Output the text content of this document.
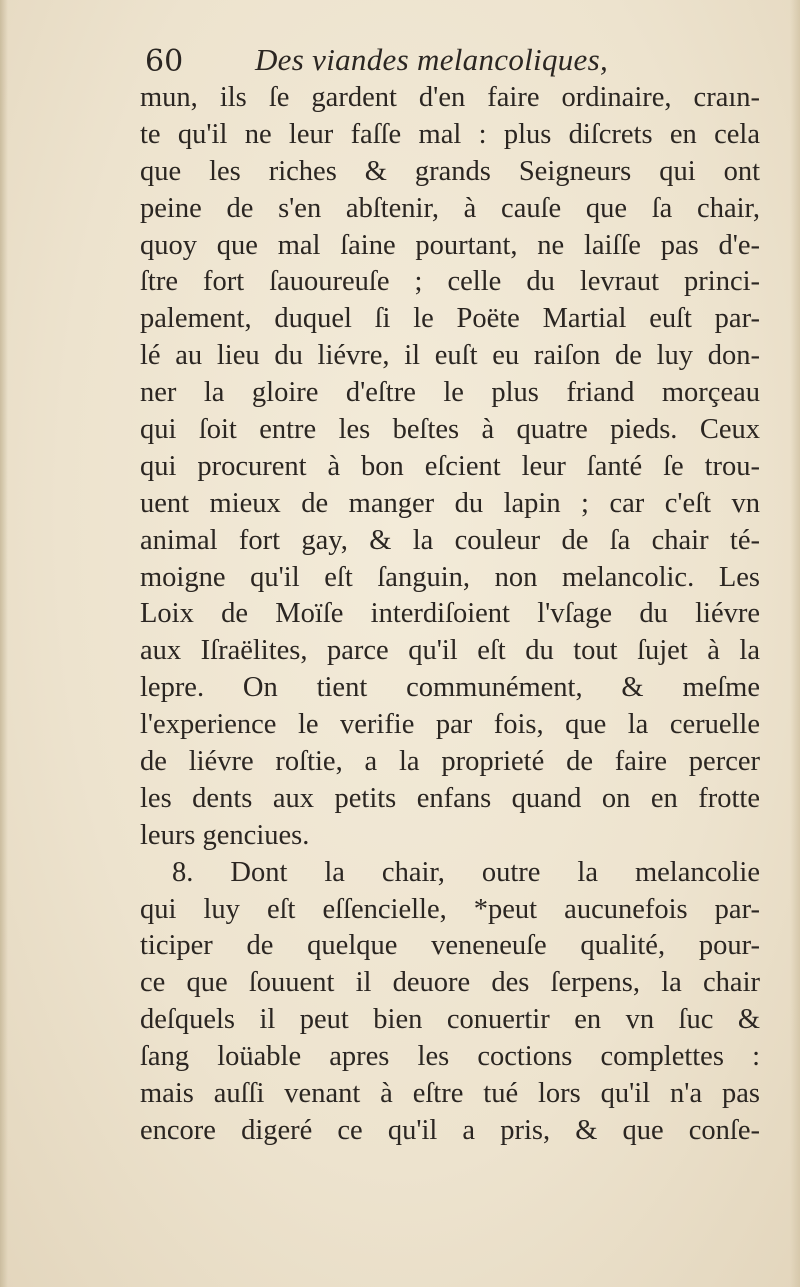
60 Des viandes melancoliques,
mun, ils ſe gardent d'en faire ordinaire, craın-
te qu'il ne leur faſſe mal : plus diſcrets en cela
que les riches & grands Seigneurs qui ont
peine de s'en abſtenir, à cauſe que ſa chair,
quoy que mal ſaine pourtant, ne laiſſe pas d'e-
ſtre fort ſauoureuſe ; celle du levraut princi-
palement, duquel ſi le Poëte Martial euſt par-
lé au lieu du liévre, il euſt eu raiſon de luy don-
ner la gloire d'eſtre le plus friand morçeau
qui ſoit entre les beſtes à quatre pieds. Ceux
qui procurent à bon eſcient leur ſanté ſe trou-
uent mieux de manger du lapin ; car c'eſt vn
animal fort gay, & la couleur de ſa chair té-
moigne qu'il eſt ſanguin, non melancolic. Les
Loix de Moïſe interdiſoient l'vſage du liévre
aux Iſraëlites, parce qu'il eſt du tout ſujet à la
lepre. On tient communément, & meſme
l'experience le verifie par fois, que la ceruelle
de liévre roſtie, a la proprieté de faire percer
les dents aux petits enfans quand on en frotte
leurs genciues.
8. Dont la chair, outre la melancolie
qui luy eſt eſſencielle, *peut aucunefois par-
ticiper de quelque veneneuſe qualité, pour-
ce que ſouuent il deuore des ſerpens, la chair
deſquels il peut bien conuertir en vn ſuc &
ſang loüable apres les coctions complettes :
mais auſſi venant à eſtre tué lors qu'il n'a pas
encore digeré ce qu'il a pris, & que conſe-
